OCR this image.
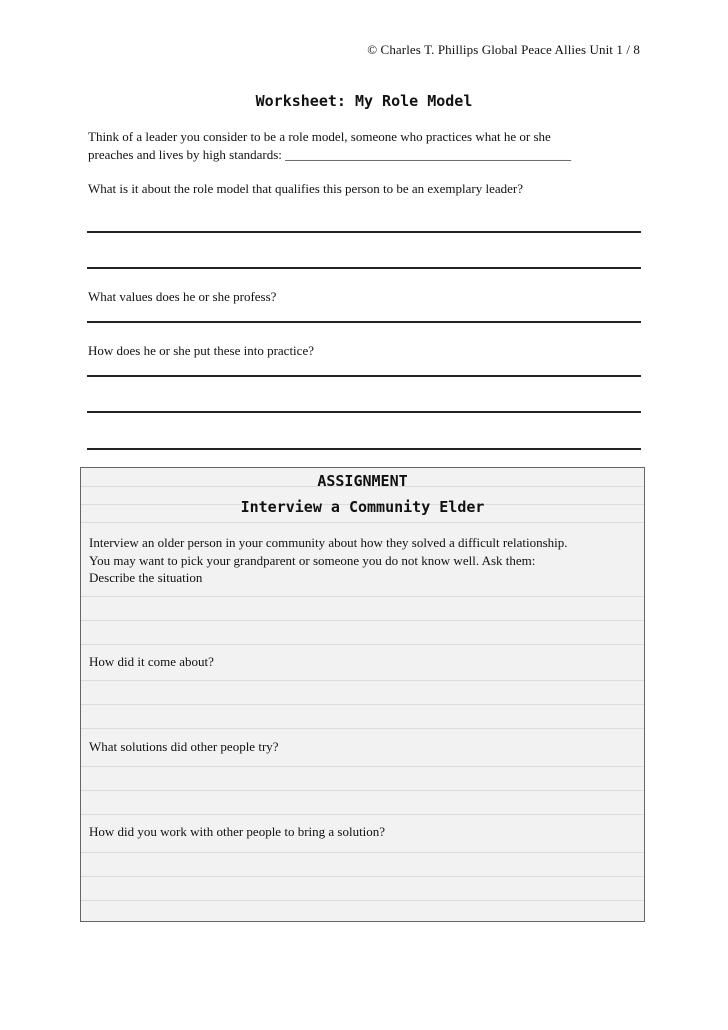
© Charles T. Phillips Global Peace Allies Unit 1 / 8
Worksheet: My Role Model
Think of a leader you consider to be a role model, someone who practices what he or she
preaches and lives by high standards: ____________________________________________
What is it about the role model that qualifies this person to be an exemplary leader?
What values does he or she profess?
How does he or she put these into practice?
ASSIGNMENT
Interview a Community Elder
Interview an older person in your community about how they solved a difficult relationship.
You may want to pick your grandparent or someone you do not know well. Ask them:
Describe the situation
How did it come about?
What solutions did other people try?
How did you work with other people to bring a solution?
